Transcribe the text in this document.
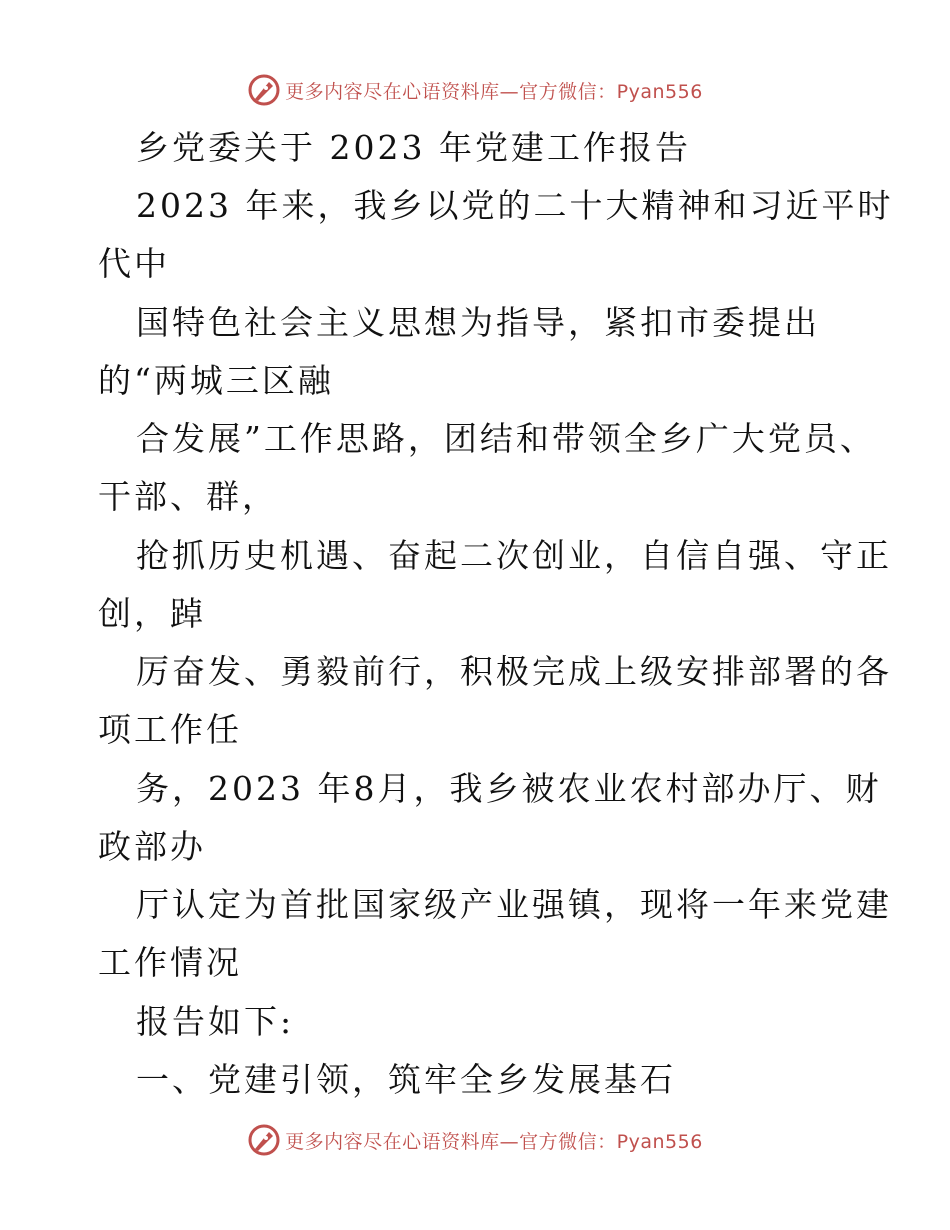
更多内容尽在心语资料库—官方微信：Pyan556
乡党委关于 2023 年党建工作报告
2023 年来，我乡以党的二十大精神和习近平时
代中
国特色社会主义思想为指导，紧扣市委提出
的“两城三区融
合发展”工作思路，团结和带领全乡广大党员、
干部、群，
抢抓历史机遇、奋起二次创业，自信自强、守正
创，踔
厉奋发、勇毅前行，积极完成上级安排部署的各
项工作任
务，2023 年8月，我乡被农业农村部办厅、财
政部办
厅认定为首批国家级产业强镇，现将一年来党建
工作情况
报告如下:
一、党建引领，筑牢全乡发展基石
更多内容尽在心语资料库—官方微信：Pyan556
